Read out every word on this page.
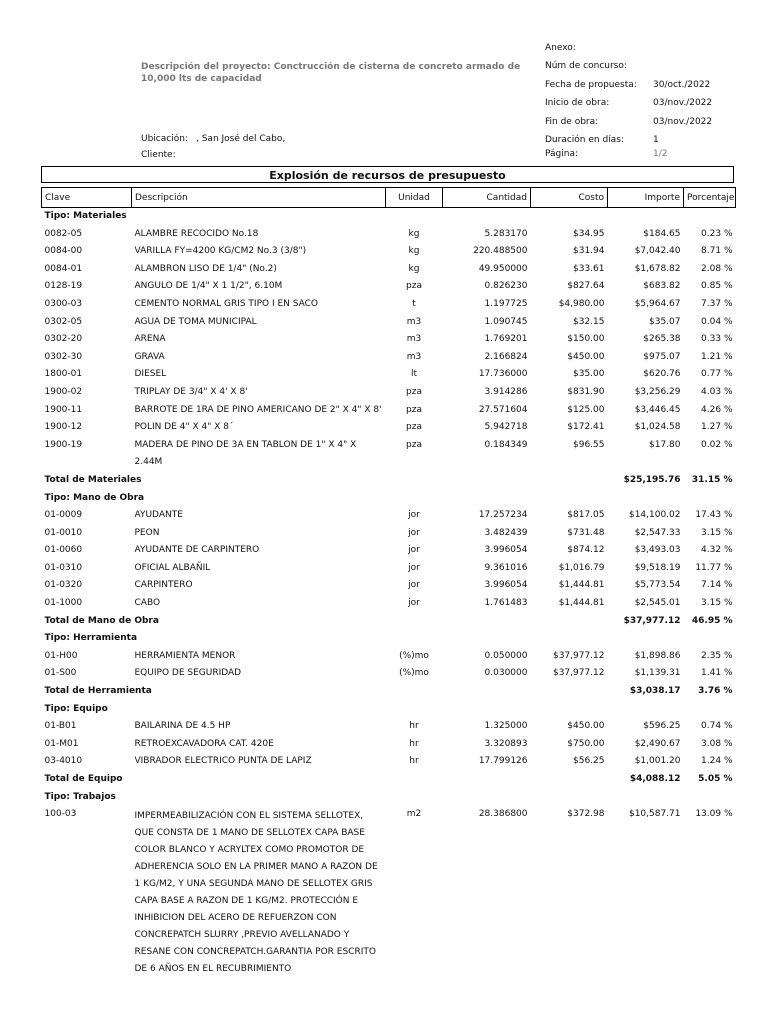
Descripción del proyecto: Conctrucción de cisterna de concreto armado de 10,000 lts de capacidad
Ubicación: , San José del Cabo,
Cliente:
Anexo:
Núm de concurso:
Fecha de propuesta: 30/oct./2022
Inicio de obra:	03/nov./2022
Fin de obra:	03/nov./2022
Duración en días:	1
Página:	1/2
Explosión de recursos de presupuesto
Clave	Descripción	Unidad	Cantidad	Costo	Importe	Porcentaje
Tipo: Materiales						
0082-05	ALAMBRE RECOCIDO No.18	kg	5.283170	$34.95	$184.65	0.23 %
0084-00	VARILLA FY=4200 KG/CM2 No.3 (3/8")	kg	220.488500	$31.94	$7,042.40	8.71 %
0084-01	ALAMBRON LISO DE 1/4" (No.2)	kg	49.950000	$33.61	$1,678.82	2.08 %
0128-19	ANGULO DE 1/4" X 1 1/2", 6.10M	pza	0.826230	$827.64	$683.82	0.85 %
0300-03	CEMENTO NORMAL GRIS TIPO I EN SACO	t	1.197725	$4,980.00	$5,964.67	7.37 %
0302-05	AGUA DE TOMA MUNICIPAL	m3	1.090745	$32.15	$35.07	0.04 %
0302-20	ARENA	m3	1.769201	$150.00	$265.38	0.33 %
0302-30	GRAVA	m3	2.166824	$450.00	$975.07	1.21 %
1800-01	DIESEL	lt	17.736000	$35.00	$620.76	0.77 %
1900-02	TRIPLAY DE 3/4" X 4' X 8'	pza	3.914286	$831.90	$3,256.29	4.03 %
1900-11	BARROTE DE 1RA DE PINO AMERICANO DE 2" X 4" X 8'	pza	27.571604	$125.00	$3,446.45	4.26 %
1900-12	POLIN DE 4" X 4" X 8´	pza	5.942718	$172.41	$1,024.58	1.27 %
1900-19	MADERA DE PINO DE 3A EN TABLON DE 1" X 4" X 2.44M	pza	0.184349	$96.55	$17.80	0.02 %
Total de Materiales					$25,195.76	31.15 %
Tipo: Mano de Obra						
01-0009	AYUDANTE	jor	17.257234	$817.05	$14,100.02	17.43 %
01-0010	PEON	jor	3.482439	$731.48	$2,547.33	3.15 %
01-0060	AYUDANTE DE CARPINTERO	jor	3.996054	$874.12	$3,493.03	4.32 %
01-0310	OFICIAL ALBAÑIL	jor	9.361016	$1,016.79	$9,518.19	11.77 %
01-0320	CARPINTERO	jor	3.996054	$1,444.81	$5,773.54	7.14 %
01-1000	CABO	jor	1.761483	$1,444.81	$2,545.01	3.15 %
Total de Mano de Obra					$37,977.12	46.95 %
Tipo: Herramienta						
01-H00	HERRAMIENTA MENOR	(%)mo	0.050000	$37,977.12	$1,898.86	2.35 %
01-S00	EQUIPO DE SEGURIDAD	(%)mo	0.030000	$37,977.12	$1,139.31	1.41 %
Total de Herramienta					$3,038.17	3.76 %
Tipo: Equipo						
01-B01	BAILARINA DE 4.5 HP	hr	1.325000	$450.00	$596.25	0.74 %
01-M01	RETROEXCAVADORA CAT. 420E	hr	3.320893	$750.00	$2,490.67	3.08 %
03-4010	VIBRADOR ELECTRICO PUNTA DE LAPIZ	hr	17.799126	$56.25	$1,001.20	1.24 %
Total de Equipo					$4,088.12	5.05 %
Tipo: Trabajos						
100-03	IMPERMEABILIZACIÓN CON EL SISTEMA SELLOTEX, QUE CONSTA DE 1 MANO DE SELLOTEX CAPA BASE COLOR BLANCO Y ACRYLTEX COMO PROMOTOR DE ADHERENCIA SOLO EN LA PRIMER MANO A RAZON DE 1 KG/M2, Y UNA SEGUNDA MANO DE SELLOTEX GRIS CAPA BASE A RAZON DE 1 KG/M2. PROTECCIÓN E INHIBICION DEL ACERO DE REFUERZON CON CONCREPATCH SLURRY ,PREVIO AVELLANADO Y RESANE CON CONCREPATCH.GARANTIA POR ESCRITO DE 6 AÑOS EN EL RECUBRIMIENTO	m2	28.386800	$372.98	$10,587.71	13.09 %
